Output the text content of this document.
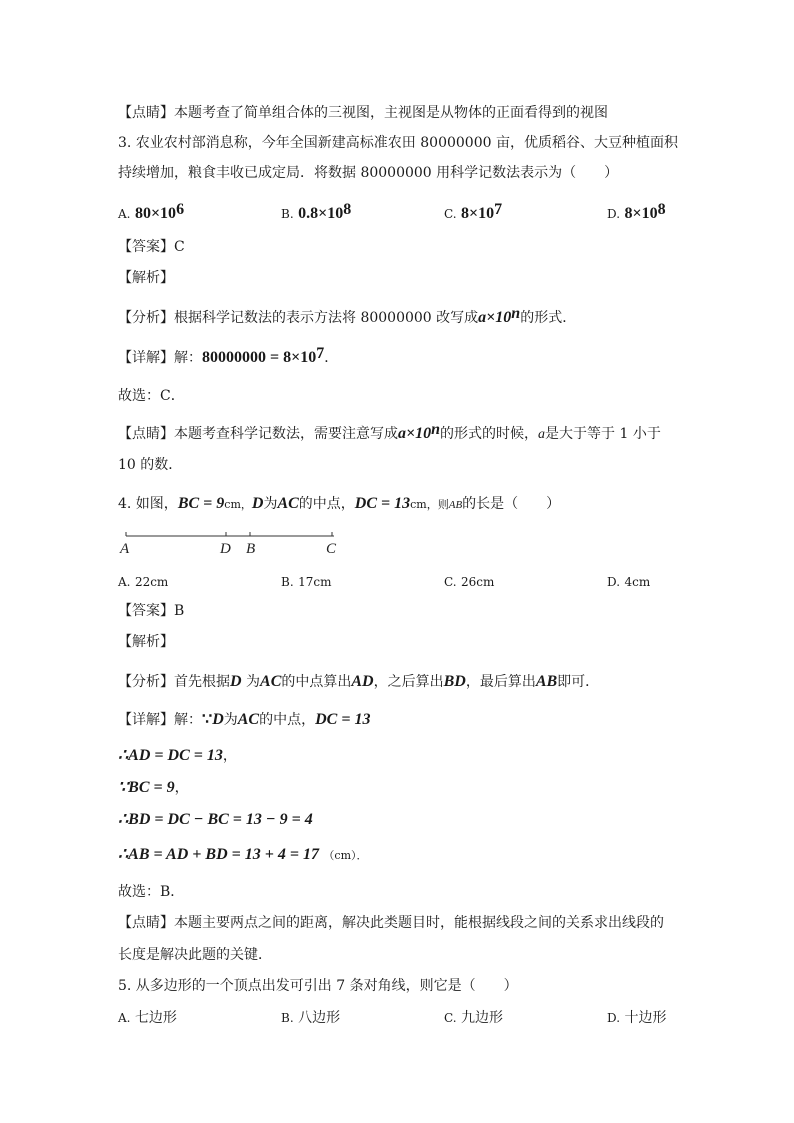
【点睛】本题考查了简单组合体的三视图，主视图是从物体的正面看得到的视图
3. 农业农村部消息称，今年全国新建高标准农田 80000000 亩，优质稻谷、大豆种植面积
持续增加，粮食丰收已成定局．将数据 80000000 用科学记数法表示为（　　）
A. $80\times 10^6$	B. $0.8\times 10^8$	C. $8\times 10^7$	D. $8\times 10^8$
【答案】C
【解析】
【分析】根据科学记数法的表示方法将 80000000 改写成$a\times 10^n$的形式．
【详解】解：$80000000 = 8\times 10^7$．
故选：C．
【点睛】本题考查科学记数法，需要注意写成$a\times 10^n$的形式的时候，a是大于等于 1 小于
10 的数．
4. 如图，BC = 9cm，D为AC的中点，DC = 13cm，则AB的长是（　　）
A	D B	C
A. 22cm	B. 17cm	C. 26cm	D. 4cm
【答案】B
【解析】
【分析】首先根据D 为AC的中点算出AD，之后算出BD，最后算出AB即可．
【详解】解：∵D为AC的中点，DC = 13
∴AD = DC = 13，
∵BC = 9，
∴BD = DC − BC = 13 − 9 = 4
∴AB = AD + BD = 13 + 4 = 17 （cm）．
故选：B．
【点睛】本题主要两点之间的距离，解决此类题目时，能根据线段之间的关系求出线段的
长度是解决此题的关键．
5. 从多边形的一个顶点出发可引出 7 条对角线，则它是（　　）
A. 七边形	B. 八边形	C. 九边形	D. 十边形
